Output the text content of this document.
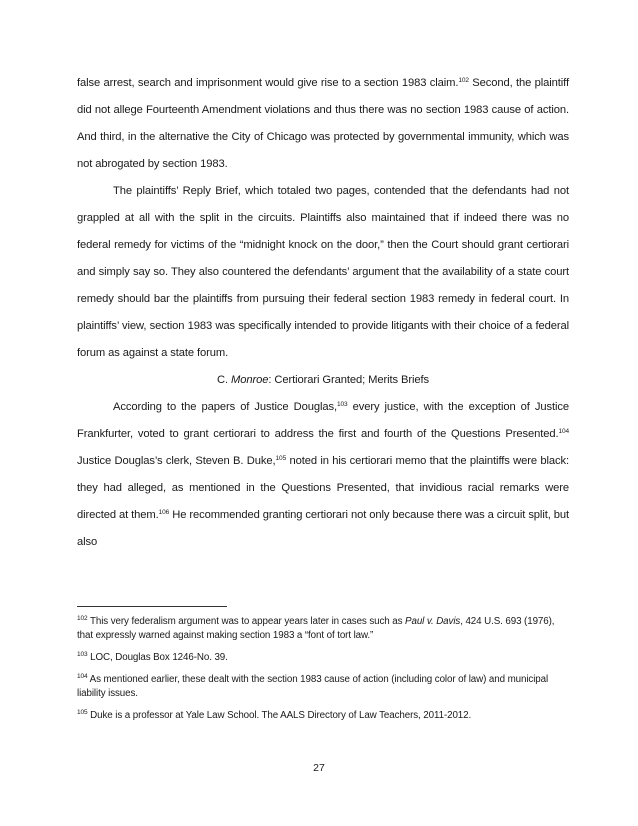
false arrest, search and imprisonment would give rise to a section 1983 claim.$^{102}$ Second, the plaintiff did not allege Fourteenth Amendment violations and thus there was no section 1983 cause of action. And third, in the alternative the City of Chicago was protected by governmental immunity, which was not abrogated by section 1983.

The plaintiffs’ Reply Brief, which totaled two pages, contended that the defendants had not grappled at all with the split in the circuits. Plaintiffs also maintained that if indeed there was no federal remedy for victims of the “midnight knock on the door,” then the Court should grant certiorari and simply say so. They also countered the defendants’ argument that the availability of a state court remedy should bar the plaintiffs from pursuing their federal section 1983 remedy in federal court. In plaintiffs’ view, section 1983 was specifically intended to provide litigants with their choice of a federal forum as against a state forum.

C. Monroe: Certiorari Granted; Merits Briefs

According to the papers of Justice Douglas,$^{103}$ every justice, with the exception of Justice Frankfurter, voted to grant certiorari to address the first and fourth of the Questions Presented.$^{104}$ Justice Douglas’s clerk, Steven B. Duke,$^{105}$ noted in his certiorari memo that the plaintiffs were black: they had alleged, as mentioned in the Questions Presented, that invidious racial remarks were directed at them.$^{106}$ He recommended granting certiorari not only because there was a circuit split, but also

$^{102}$ This very federalism argument was to appear years later in cases such as Paul v. Davis, 424 U.S. 693 (1976), that expressly warned against making section 1983 a “font of tort law.”

$^{103}$ LOC, Douglas Box 1246-No. 39.

$^{104}$ As mentioned earlier, these dealt with the section 1983 cause of action (including color of law) and municipal liability issues.

$^{105}$ Duke is a professor at Yale Law School. The AALS Directory of Law Teachers, 2011-2012.

27
